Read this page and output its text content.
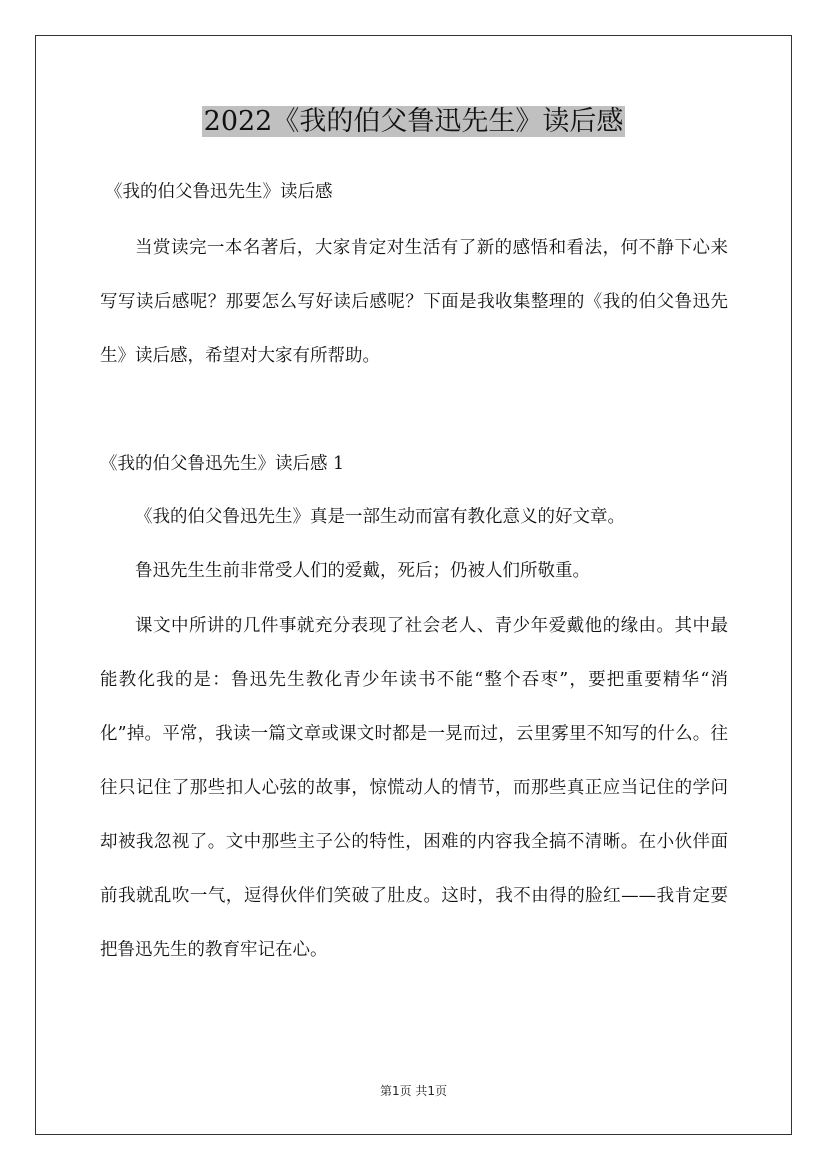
2022《我的伯父鲁迅先生》读后感

《我的伯父鲁迅先生》读后感

当赏读完一本名著后，大家肯定对生活有了新的感悟和看法，何不静下心来写写读后感呢？那要怎么写好读后感呢？下面是我收集整理的《我的伯父鲁迅先生》读后感，希望对大家有所帮助。

《我的伯父鲁迅先生》读后感 1

《我的伯父鲁迅先生》真是一部生动而富有教化意义的好文章。

鲁迅先生生前非常受人们的爱戴，死后；仍被人们所敬重。

课文中所讲的几件事就充分表现了社会老人、青少年爱戴他的缘由。其中最能教化我的是：鲁迅先生教化青少年读书不能“整个吞枣”，要把重要精华“消化”掉。平常，我读一篇文章或课文时都是一晃而过，云里雾里不知写的什么。往往只记住了那些扣人心弦的故事，惊慌动人的情节，而那些真正应当记住的学问却被我忽视了。文中那些主子公的特性，困难的内容我全搞不清晰。在小伙伴面前我就乱吹一气，逗得伙伴们笑破了肚皮。这时，我不由得的脸红——我肯定要把鲁迅先生的教育牢记在心。

第1页 共1页
